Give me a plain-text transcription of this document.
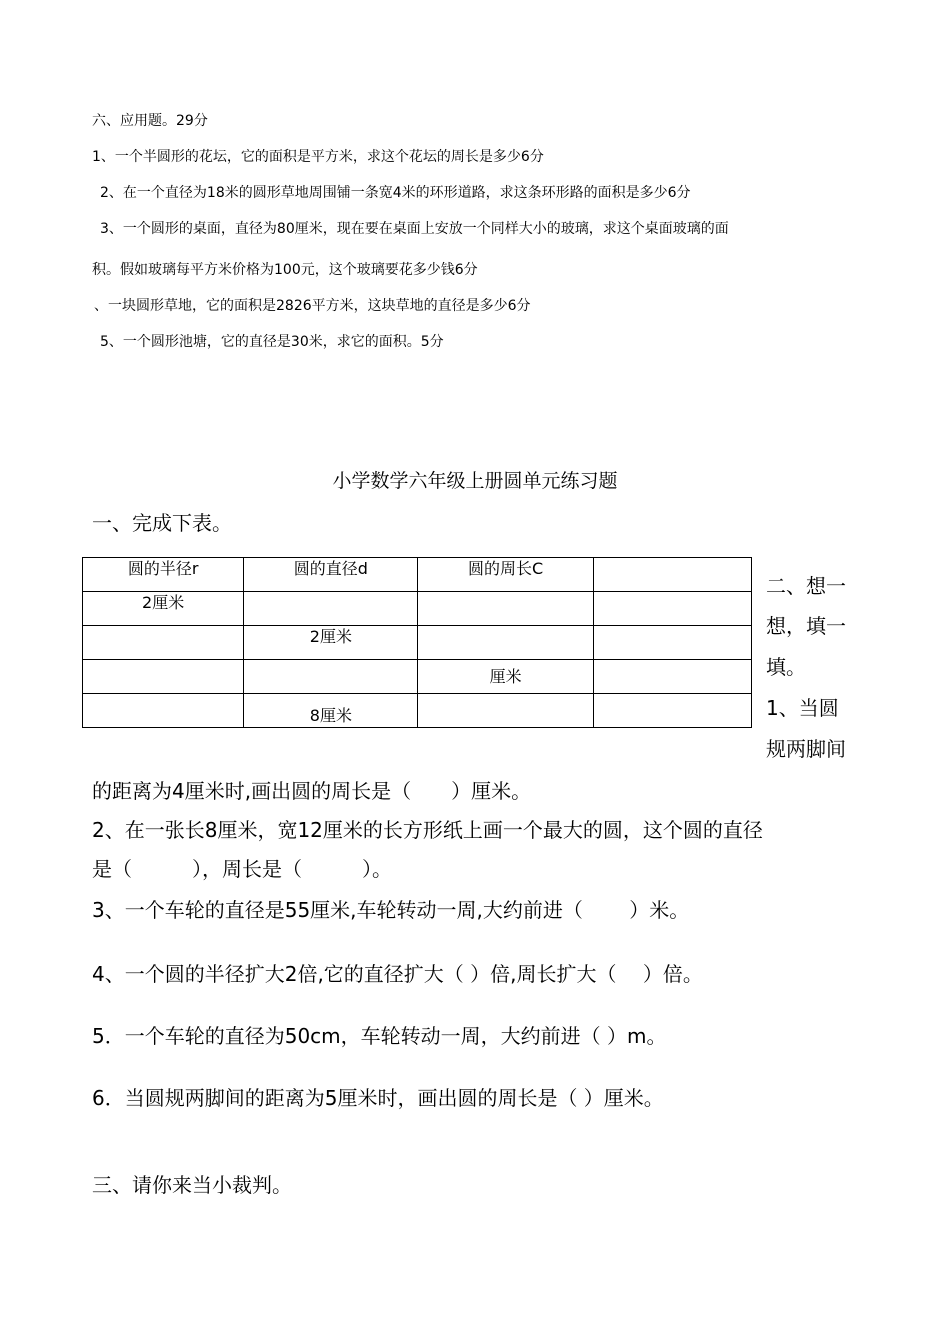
六、应用题。29分
1、一个半圆形的花坛，它的面积是平方米，求这个花坛的周长是多少6分
2、在一个直径为18米的圆形草地周围铺一条宽4米的环形道路，求这条环形路的面积是多少6分
3、一个圆形的桌面，直径为80厘米，现在要在桌面上安放一个同样大小的玻璃，求这个桌面玻璃的面
积。假如玻璃每平方米价格为100元，这个玻璃要花多少钱6分
、一块圆形草地，它的面积是2826平方米，这块草地的直径是多少6分
5、一个圆形池塘，它的直径是30米，求它的面积。5分
小学数学六年级上册圆单元练习题
一、完成下表。
圆的半径r	圆的直径d	圆的周长C	
2厘米			
	2厘米		
		厘米	
	8厘米		
二、想一
想，填一
填。
1、当圆
规两脚间
的距离为4厘米时,画出圆的周长是（　　）厘米。
2、在一张长8厘米，宽12厘米的长方形纸上画一个最大的圆，这个圆的直径
是（　　　），周长是（　　　）。
3、一个车轮的直径是55厘米,车轮转动一周,大约前进（　　 ）米。
4、一个圆的半径扩大2倍,它的直径扩大（ ）倍,周长扩大（　 ）倍。
5．一个车轮的直径为50cm，车轮转动一周，大约前进（ ）m。
6．当圆规两脚间的距离为5厘米时，画出圆的周长是（ ）厘米。
三、请你来当小裁判。
